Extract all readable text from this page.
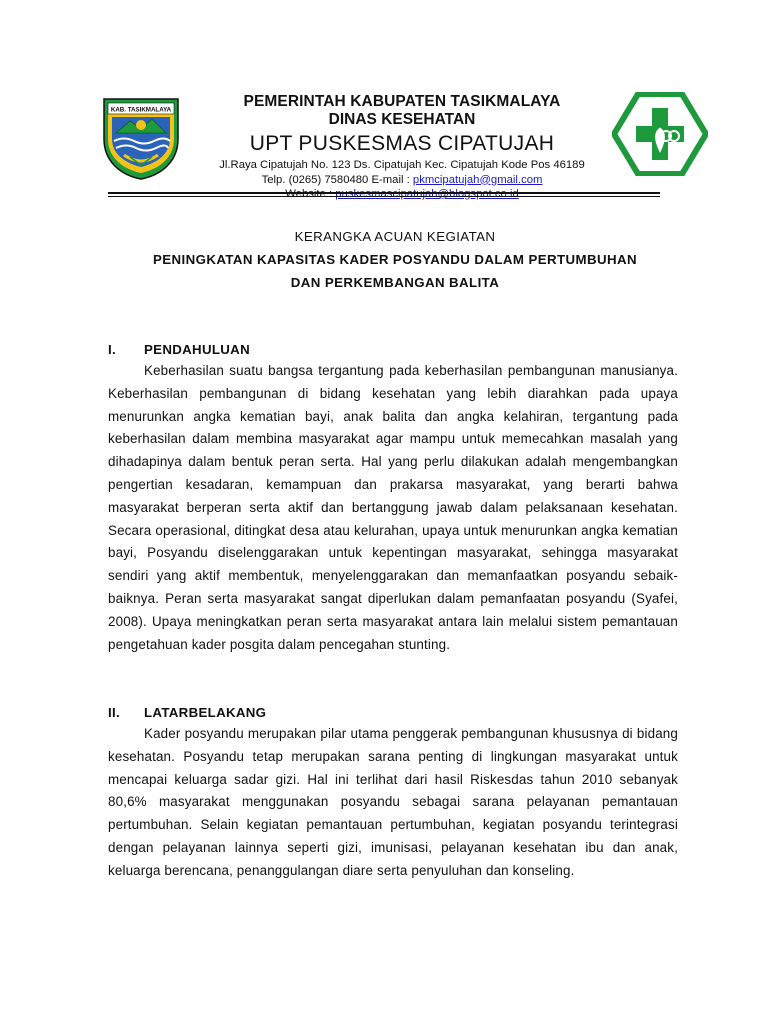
KAB. TASIKMALAYA	PEMERINTAH KABUPATEN TASIKMALAYA
DINAS KESEHATAN
UPT PUSKESMAS CIPATUJAH
Jl.Raya Cipatujah No. 123 Ds. Cipatujah Kec. Cipatujah Kode Pos 46189
Telp. (0265) 7580480 E-mail : pkmcipatujah@gmail.com
Website : puskesmascipatujah@blogspot.co.id
KERANGKA ACUAN KEGIATAN
PENINGKATAN KAPASITAS KADER POSYANDU DALAM PERTUMBUHAN
DAN PERKEMBANGAN BALITA
I. PENDAHULUAN

Keberhasilan suatu bangsa tergantung pada keberhasilan pembangunan manusianya. Keberhasilan pembangunan di bidang kesehatan yang lebih diarahkan pada upaya menurunkan angka kematian bayi, anak balita dan angka kelahiran, tergantung pada keberhasilan dalam membina masyarakat agar mampu untuk memecahkan masalah yang dihadapinya dalam bentuk peran serta. Hal yang perlu dilakukan adalah mengembangkan pengertian kesadaran, kemampuan dan prakarsa masyarakat, yang berarti bahwa masyarakat berperan serta aktif dan bertanggung jawab dalam pelaksanaan kesehatan. Secara operasional, ditingkat desa atau kelurahan, upaya untuk menurunkan angka kematian bayi, Posyandu diselenggarakan untuk kepentingan masyarakat, sehingga masyarakat sendiri yang aktif membentuk, menyelenggarakan dan memanfaatkan posyandu sebaik-baiknya. Peran serta masyarakat sangat diperlukan dalam pemanfaatan posyandu (Syafei, 2008). Upaya meningkatkan peran serta masyarakat antara lain melalui sistem pemantauan pengetahuan kader posgita dalam pencegahan stunting.

II. LATARBELAKANG

Kader posyandu merupakan pilar utama penggerak pembangunan khususnya di bidang kesehatan. Posyandu tetap merupakan sarana penting di lingkungan masyarakat untuk mencapai keluarga sadar gizi. Hal ini terlihat dari hasil Riskesdas tahun 2010 sebanyak 80,6% masyarakat menggunakan posyandu sebagai sarana pelayanan pemantauan pertumbuhan. Selain kegiatan pemantauan pertumbuhan, kegiatan posyandu terintegrasi dengan pelayanan lainnya seperti gizi, imunisasi, pelayanan kesehatan ibu dan anak, keluarga berencana, penanggulangan diare serta penyuluhan dan konseling.
